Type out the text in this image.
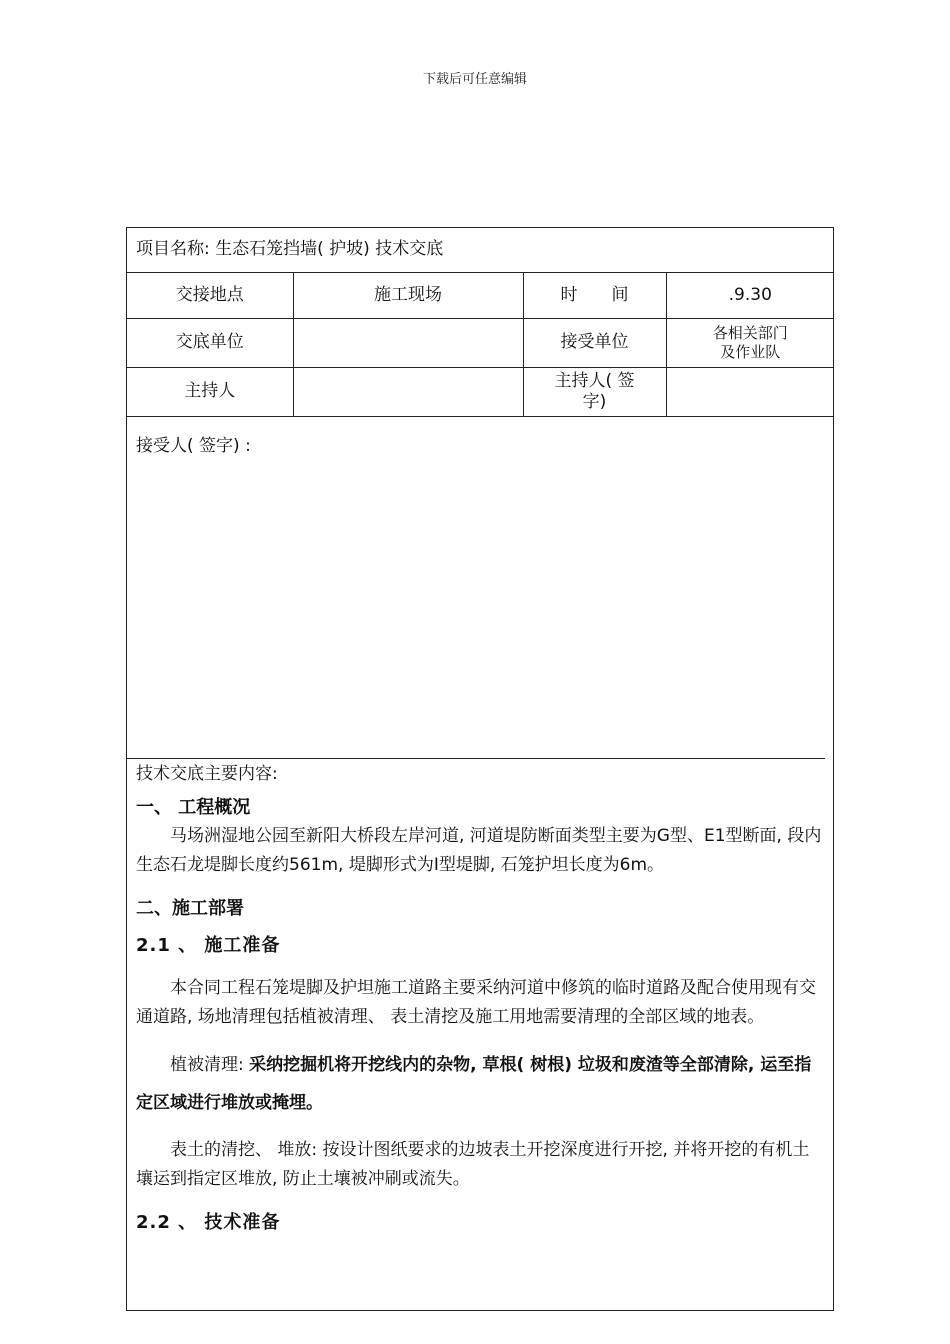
下载后可任意编辑
项目名称: 生态石笼挡墙( 护坡) 技术交底			
交接地点	施工现场	时　　间	.9.30
交底单位		接受单位	各相关部门
及作业队

主持人		主持人( 签
字)	

接受人( 签字) :

技术交底主要内容:

一、 工程概况

马场洲湿地公园至新阳大桥段左岸河道, 河道堤防断面类型主要为G型、E1型断面, 段内生态石龙堤脚长度约561m, 堤脚形式为I型堤脚, 石笼护坦长度为6m。

二、施工部署

2.1 、 施工准备

本合同工程石笼堤脚及护坦施工道路主要采纳河道中修筑的临时道路及配合使用现有交通道路, 场地清理包括植被清理、 表土清挖及施工用地需要清理的全部区域的地表。

植被清理: 采纳挖掘机将开挖线内的杂物, 草根( 树根) 垃圾和废渣等全部清除, 运至指定区域进行堆放或掩埋。

表土的清挖、 堆放: 按设计图纸要求的边坡表土开挖深度进行开挖, 并将开挖的有机土壤运到指定区堆放, 防止土壤被冲刷或流失。

2.2 、 技术准备
